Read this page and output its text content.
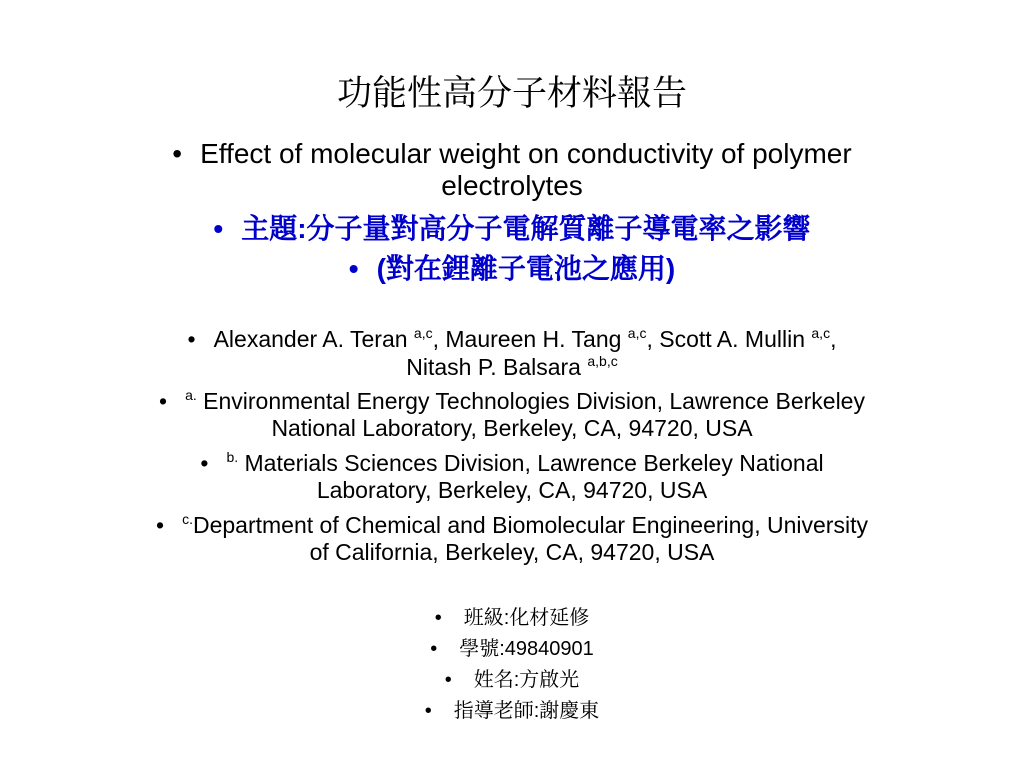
功能性高分子材料報告
• Effect of molecular weight on conductivity of polymer
electrolytes
• 主題:分子量對高分子電解質離子導電率之影響
• (對在鋰離子電池之應用)
• Alexander A. Teran $^{a,c}$, Maureen H. Tang $^{a,c}$, Scott A. Mullin $^{a,c}$,
Nitash P. Balsara $^{a,b,c}$
• $^{a.}$ Environmental Energy Technologies Division, Lawrence Berkeley
National Laboratory, Berkeley, CA, 94720, USA
• $^{b.}$ Materials Sciences Division, Lawrence Berkeley National
Laboratory, Berkeley, CA, 94720, USA
• $^{c.}$Department of Chemical and Biomolecular Engineering, University
of California, Berkeley, CA, 94720, USA
• 班級:化材延修
• 學號:49840901
• 姓名:方啟光
• 指導老師:謝慶東
